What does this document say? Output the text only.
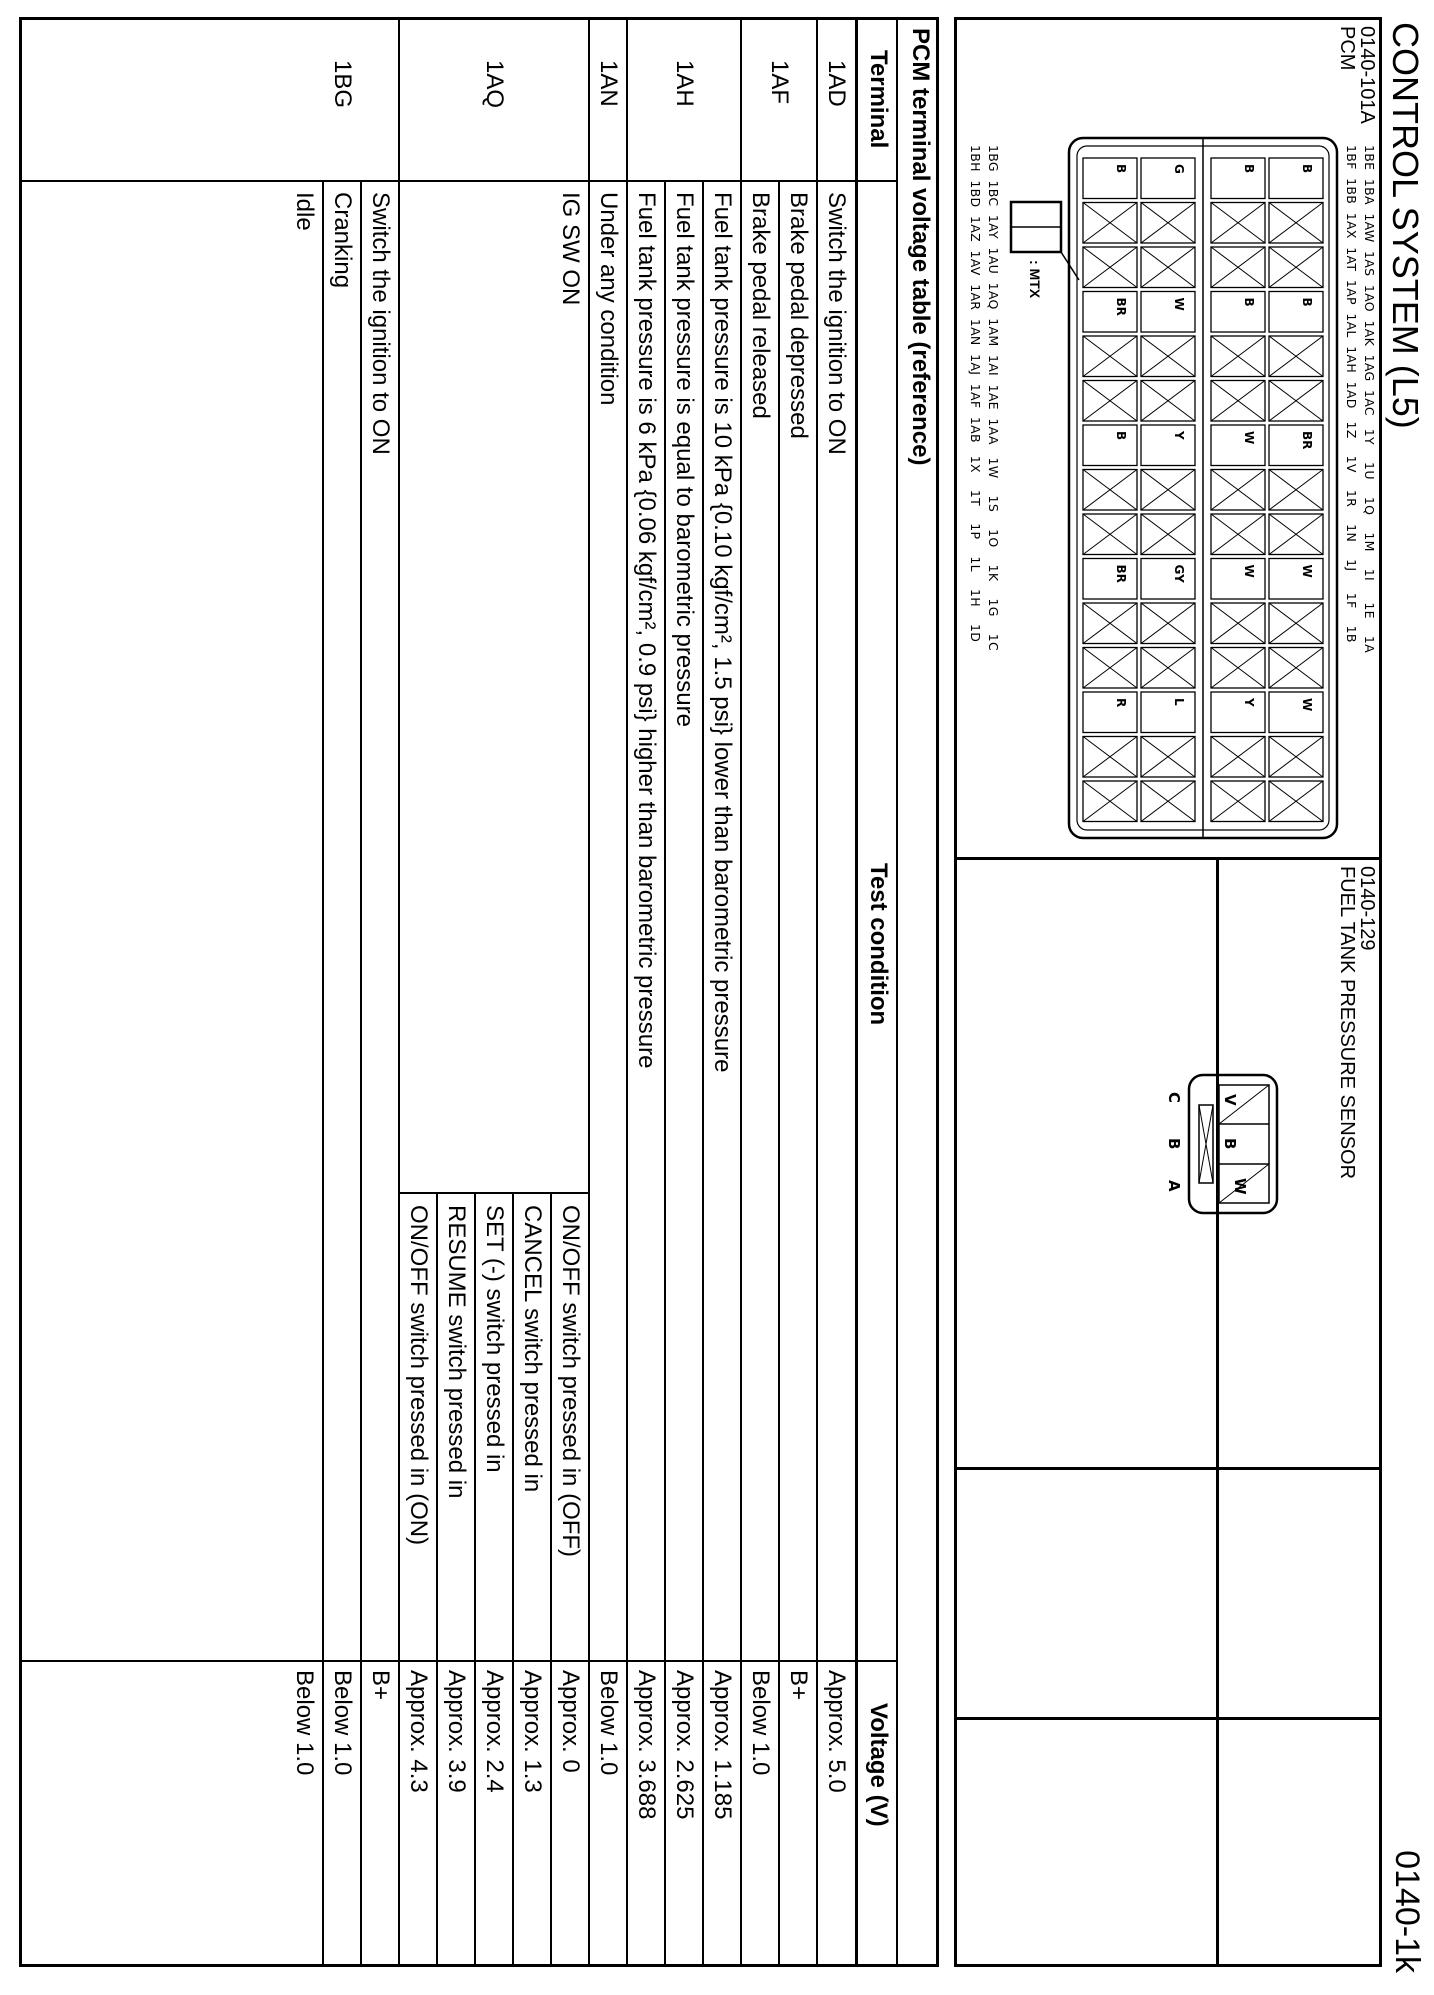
CONTROL SYSTEM (L5)
0140-1k
0140-101A
PCM
1BE  1BA  1AW  1AS  1AO  1AK  1AG  1AC   1Y    1U    1Q    1M    1I     1E    1A
1BF  1BB  1AX  1AT  1AP  1AL  1AH  1AD   1Z    1V    1R    1N    1J     1F    1B
B
B
BR
W
W
B
B
W
W
Y
G
W
Y
GY
L
B
BR
B
BR
R
1BG  1BC  1AY  1AU  1AQ  1AM  1AI  1AE  1AA   1W    1S    1O    1K    1G    1C
1BH  1BD  1AZ  1AV  1AR  1AN  1AJ  1AF  1AB   1X    1T    1P    1L    1H    1D	: MTX
0140-129
FUEL TANK PRESSURE SENSOR
V
B
W
C
B
A
PCM terminal voltage table (reference)
Terminal
Test condition
Voltage (V)
Switch the ignition to ON
Approx. 5.0
1AD
Brake pedal depressed
B+
Brake pedal released
Below 1.0
1AF
Fuel tank pressure is 10 kPa {0.10 kgf/cm², 1.5 psi} lower than barometric pressure
Approx. 1.185
Fuel tank pressure is equal to barometric pressure
Approx. 2.625
Fuel tank pressure is 6 kPa {0.06 kgf/cm², 0.9 psi} higher than barometric pressure
Approx. 3.688
1AH
Under any condition
Below 1.0
1AN
ON/OFF switch pressed in (OFF)
Approx. 0
CANCEL switch pressed in
Approx. 1.3
SET (-) switch pressed in
Approx. 2.4
RESUME switch pressed in
Approx. 3.9
ON/OFF switch pressed in (ON)
Approx. 4.3
IG SW ON
1AQ
Switch the ignition to ON
B+
Cranking
Below 1.0
Idle
Below 1.0
1BG
